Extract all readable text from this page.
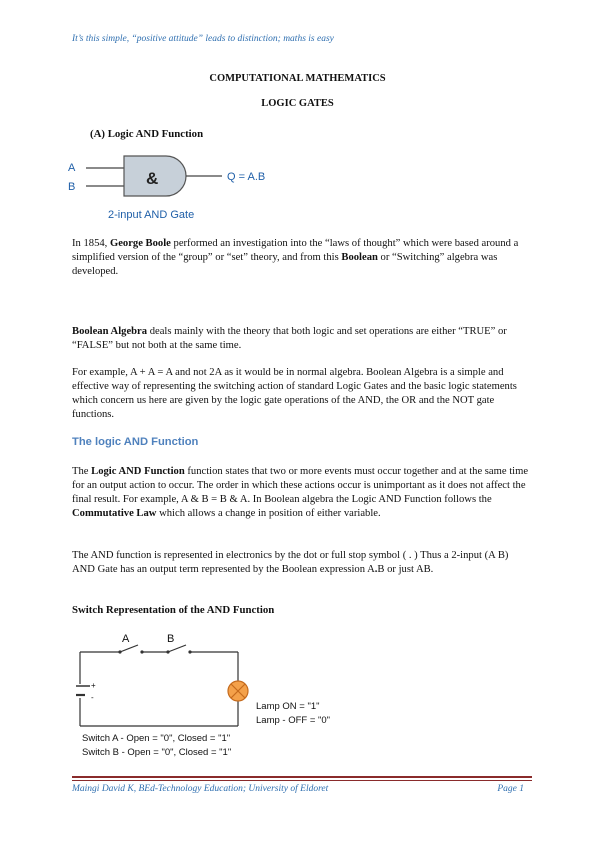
It’s this simple, “positive attitude” leads to distinction; maths is easy
COMPUTATIONAL MATHEMATICS
LOGIC GATES
(A) Logic AND Function
A
B	&	Q = A.B
2-input AND Gate
In 1854, George Boole performed an investigation into the “laws of thought” which were based around a simplified version of the “group” or “set” theory, and from this Boolean or “Switching” algebra was developed.
Boolean Algebra deals mainly with the theory that both logic and set operations are either “TRUE” or “FALSE” but not both at the same time.
For example, A + A = A and not 2A as it would be in normal algebra. Boolean Algebra is a simple and effective way of representing the switching action of standard Logic Gates and the basic logic statements which concern us here are given by the logic gate operations of the AND, the OR and the NOT gate functions.
The logic AND Function
The Logic AND Function function states that two or more events must occur together and at the same time for an output action to occur. The order in which these actions occur is unimportant as it does not affect the final result. For example, A & B = B & A. In Boolean algebra the Logic AND Function follows the Commutative Law which allows a change in position of either variable.
The AND function is represented in electronics by the dot or full stop symbol ( . ) Thus a 2-input (A B) AND Gate has an output term represented by the Boolean expression A.B or just AB.
Switch Representation of the AND Function
A	B
+
-
Lamp ON = "1"
Lamp - OFF = "0"
Switch A - Open = "0", Closed = "1"
Switch B - Open = "0", Closed = "1"
Maingi David K, BEd-Technology Education; University of Eldoret	Page 1
